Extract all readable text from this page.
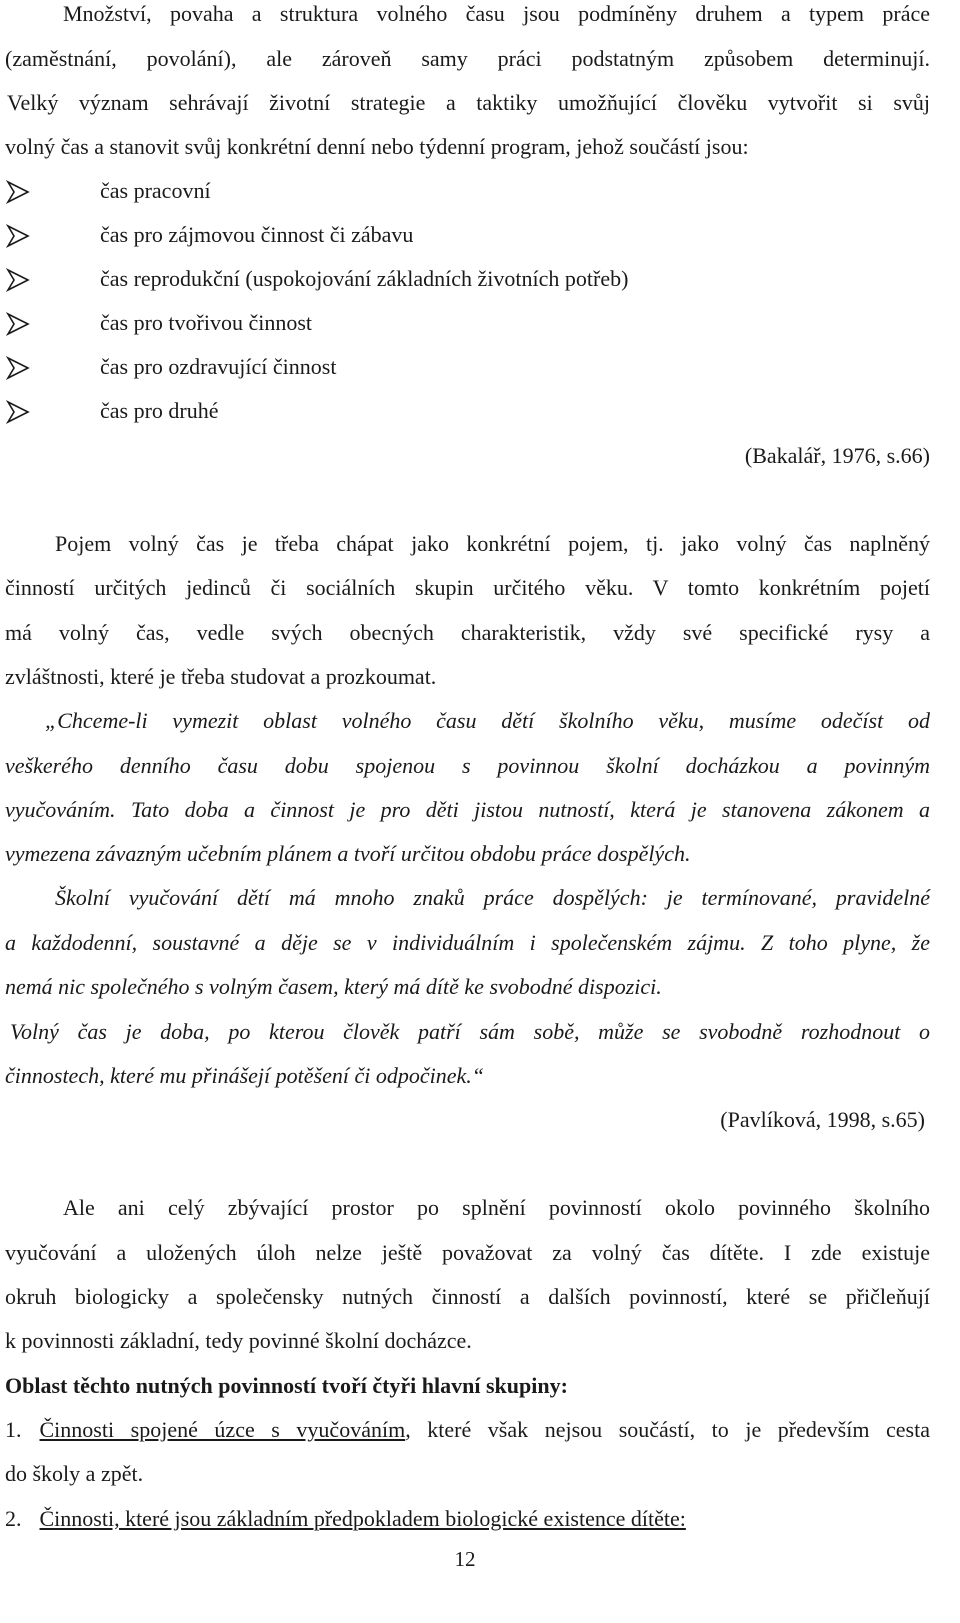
Množství, povaha a struktura volného času jsou podmíněny druhem a typem práce
(zaměstnání, povolání), ale zároveň samy práci podstatným způsobem determinují.
Velký význam sehrávají životní strategie a taktiky umožňující člověku vytvořit si svůj
volný čas a stanovit svůj konkrétní denní nebo týdenní program, jehož součástí jsou:
čas pracovní
čas pro zájmovou činnost či zábavu
čas reprodukční (uspokojování základních životních potřeb)
čas pro tvořivou činnost
čas pro ozdravující činnost
čas pro druhé
(Bakalář, 1976, s.66)
Pojem volný čas je třeba chápat jako konkrétní pojem, tj. jako volný čas naplněný
činností určitých jedinců či sociálních skupin určitého věku. V tomto konkrétním pojetí
má volný čas, vedle svých obecných charakteristik, vždy své specifické rysy a
zvláštnosti, které je třeba studovat a prozkoumat.
„Chceme-li vymezit oblast volného času dětí školního věku, musíme odečíst od
veškerého denního času dobu spojenou s povinnou školní docházkou a povinným
vyučováním. Tato doba a činnost je pro děti jistou nutností, která je stanovena zákonem a
vymezena závazným učebním plánem a tvoří určitou obdobu práce dospělých.
Školní vyučování dětí má mnoho znaků práce dospělých: je termínované, pravidelné
a každodenní, soustavné a děje se v individuálním i společenském zájmu. Z toho plyne, že
nemá nic společného s volným časem, který má dítě ke svobodné dispozici.
Volný čas je doba, po kterou člověk patří sám sobě, může se svobodně rozhodnout o
činnostech, které mu přinášejí potěšení či odpočinek.“
(Pavlíková, 1998, s.65)
Ale ani celý zbývající prostor po splnění povinností okolo povinného školního
vyučování a uložených úloh nelze ještě považovat za volný čas dítěte. I zde existuje
okruh biologicky a společensky nutných činností a dalších povinností, které se přičleňují
k povinnosti základní, tedy povinné školní docházce.
Oblast těchto nutných povinností tvoří čtyři hlavní skupiny:
1. Činnosti spojené úzce s vyučováním, které však nejsou součástí, to je především cesta
do školy a zpět.
2. Činnosti, které jsou základním předpokladem biologické existence dítěte:
12
